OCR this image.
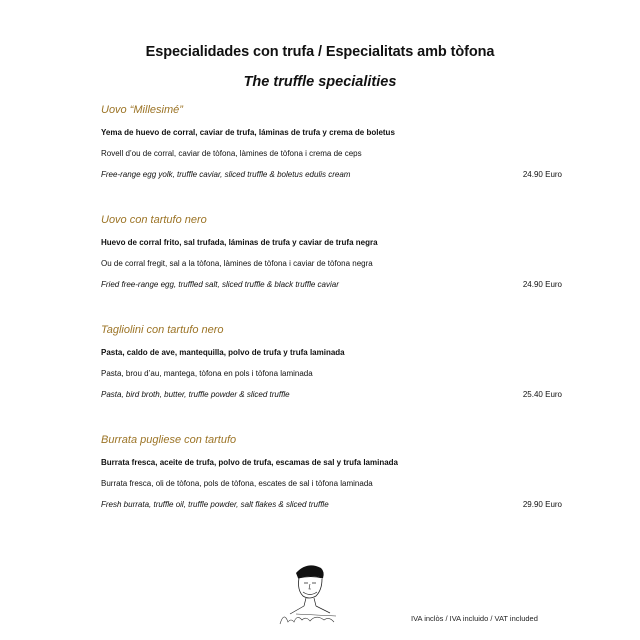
Especialidades con trufa / Especialitats amb tòfona
The truffle specialities
Uovo “Millesimé”
Yema de huevo de corral, caviar de trufa, láminas de trufa y crema de boletus
Rovell d’ou de corral, caviar de tòfona, làmines de tòfona i crema de ceps
Free-range egg yolk, truffle caviar, sliced truffle & boletus edulis cream	24.90 Euro
Uovo con tartufo nero
Huevo de corral frito, sal trufada, láminas de trufa y caviar de trufa negra
Ou de corral fregit, sal a la tòfona, làmines de tòfona i caviar de tòfona negra
Fried free-range egg, truffled salt, sliced truffle & black truffle caviar	24.90 Euro
Tagliolini con tartufo nero
Pasta, caldo de ave, mantequilla, polvo de trufa y trufa laminada
Pasta, brou d’au, mantega, tòfona en pols i tòfona laminada
Pasta, bird broth, butter, truffle powder & sliced truffle	25.40 Euro
Burrata pugliese con tartufo
Burrata fresca, aceite de trufa, polvo de trufa, escamas de sal y trufa laminada
Burrata fresca, oli de tòfona, pols de tòfona, escates de sal i tòfona laminada
Fresh burrata, truffle oil, truffle powder, salt flakes & sliced truffle	29.90 Euro
IVA inclòs / IVA incluido / VAT included
